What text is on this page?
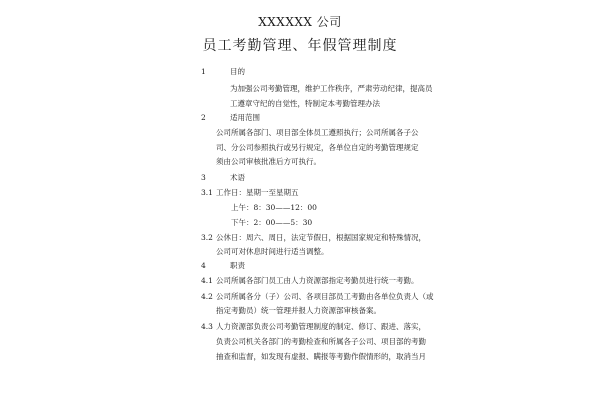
XXXXXX 公司
员工考勤管理、年假管理制度
1	目的
为加强公司考勤管理，维护工作秩序，严肃劳动纪律，提高员
工遵章守纪的自觉性，特制定本考勤管理办法
2	适用范围
公司所属各部门、项目部全体员工遵照执行；公司所属各子公
司、分公司参照执行或另行规定，各单位自定的考勤管理规定
须由公司审核批准后方可执行。
3	术语
3.1 工作日：星期一至星期五
上午：8：30——12：00
下午：2：00——5：30
3.2 公休日：周六、周日，法定节假日，根据国家规定和特殊情况，
公司可对休息时间进行适当调整。
4	职责
4.1 公司所属各部门员工由人力资源部指定考勤员进行统一考勤。
4.2 公司所属各分（子）公司、各项目部员工考勤由各单位负责人（或
指定考勤员）统一管理并报人力资源部审核备案。
4.3 人力资源部负责公司考勤管理制度的制定、修订、跟进、落实，
负责公司机关各部门的考勤检查和所属各子公司、项目部的考勤
抽查和监督，如发现有虚报、瞒报等考勤作假情形的，取消当月
